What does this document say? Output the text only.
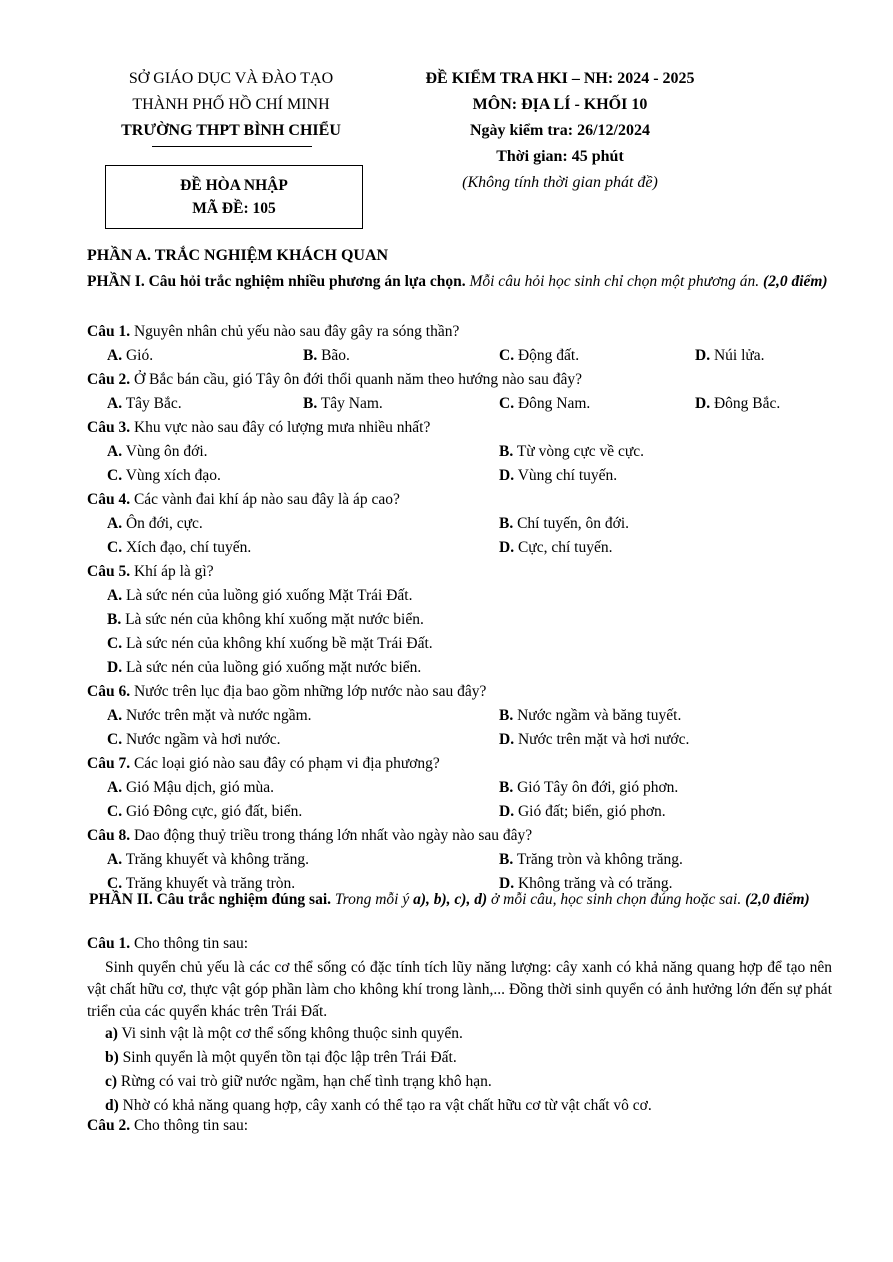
SỞ GIÁO DỤC VÀ ĐÀO TẠO
THÀNH PHỐ HỒ CHÍ MINH
TRƯỜNG THPT BÌNH CHIỂU
ĐỀ KIỂM TRA HKI – NH: 2024 - 2025
MÔN: ĐỊA LÍ - KHỐI 10
Ngày kiểm tra: 26/12/2024
Thời gian: 45 phút
(Không tính thời gian phát đề)
ĐỀ HÒA NHẬP
MÃ ĐỀ: 105
PHẦN A. TRẮC NGHIỆM KHÁCH QUAN
PHẦN I. Câu hỏi trắc nghiệm nhiều phương án lựa chọn. Mỗi câu hỏi học sinh chỉ chọn một phương án. (2,0 điểm)
Câu 1. Nguyên nhân chủ yếu nào sau đây gây ra sóng thần?
A. Gió.	B. Bão.	C. Động đất.	D. Núi lửa.
Câu 2. Ở Bắc bán cầu, gió Tây ôn đới thổi quanh năm theo hướng nào sau đây?
A. Tây Bắc.	B. Tây Nam.	C. Đông Nam.	D. Đông Bắc.
Câu 3. Khu vực nào sau đây có lượng mưa nhiều nhất?
A. Vùng ôn đới.	B. Từ vòng cực về cực.
C. Vùng xích đạo.	D. Vùng chí tuyến.
Câu 4. Các vành đai khí áp nào sau đây là áp cao?
A. Ôn đới, cực.	B. Chí tuyến, ôn đới.
C. Xích đạo, chí tuyến.	D. Cực, chí tuyến.
Câu 5. Khí áp là gì?
A. Là sức nén của luồng gió xuống Mặt Trái Đất.
B. Là sức nén của không khí xuống mặt nước biển.
C. Là sức nén của không khí xuống bề mặt Trái Đất.
D. Là sức nén của luồng gió xuống mặt nước biển.
Câu 6. Nước trên lục địa bao gồm những lớp nước nào sau đây?
A. Nước trên mặt và nước ngầm.	B. Nước ngầm và băng tuyết.
C. Nước ngầm và hơi nước.	D. Nước trên mặt và hơi nước.
Câu 7. Các loại gió nào sau đây có phạm vi địa phương?
A. Gió Mậu dịch, gió mùa.	B. Gió Tây ôn đới, gió phơn.
C. Gió Đông cực, gió đất, biển.	D. Gió đất; biển, gió phơn.
Câu 8. Dao động thuỷ triều trong tháng lớn nhất vào ngày nào sau đây?
A. Trăng khuyết và không trăng.	B. Trăng tròn và không trăng.
C. Trăng khuyết và trăng tròn.	D. Không trăng và có trăng.
PHẦN II. Câu trắc nghiệm đúng sai. Trong mỗi ý a), b), c), d) ở mỗi câu, học sinh chọn đúng hoặc sai. (2,0 điểm)
Câu 1. Cho thông tin sau:
Sinh quyển chủ yếu là các cơ thể sống có đặc tính tích lũy năng lượng: cây xanh có khả năng quang hợp để tạo nên vật chất hữu cơ, thực vật góp phần làm cho không khí trong lành,... Đồng thời sinh quyển có ảnh hưởng lớn đến sự phát triển của các quyển khác trên Trái Đất.
a) Vi sinh vật là một cơ thể sống không thuộc sinh quyển.
b) Sinh quyển là một quyển tồn tại độc lập trên Trái Đất.
c) Rừng có vai trò giữ nước ngầm, hạn chế tình trạng khô hạn.
d) Nhờ có khả năng quang hợp, cây xanh có thể tạo ra vật chất hữu cơ từ vật chất vô cơ.
Câu 2. Cho thông tin sau:
